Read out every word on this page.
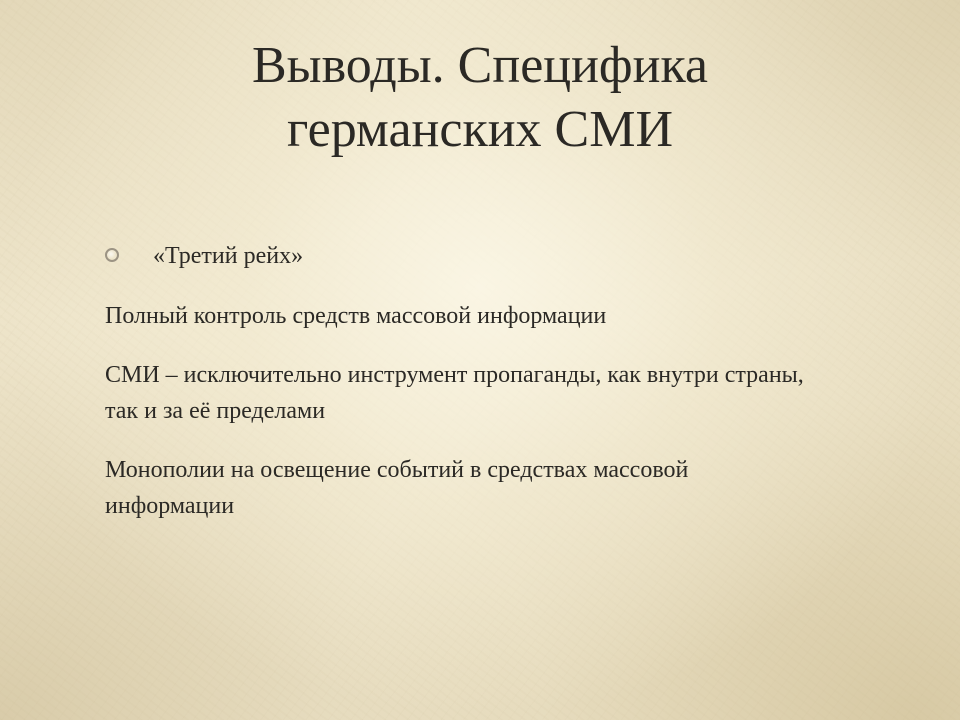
Выводы. Специфика
германских СМИ
«Третий рейх»

Полный контроль средств массовой информации

СМИ – исключительно инструмент пропаганды, как внутри страны, так и за её пределами

Монополии на освещение событий в средствах массовой информации
